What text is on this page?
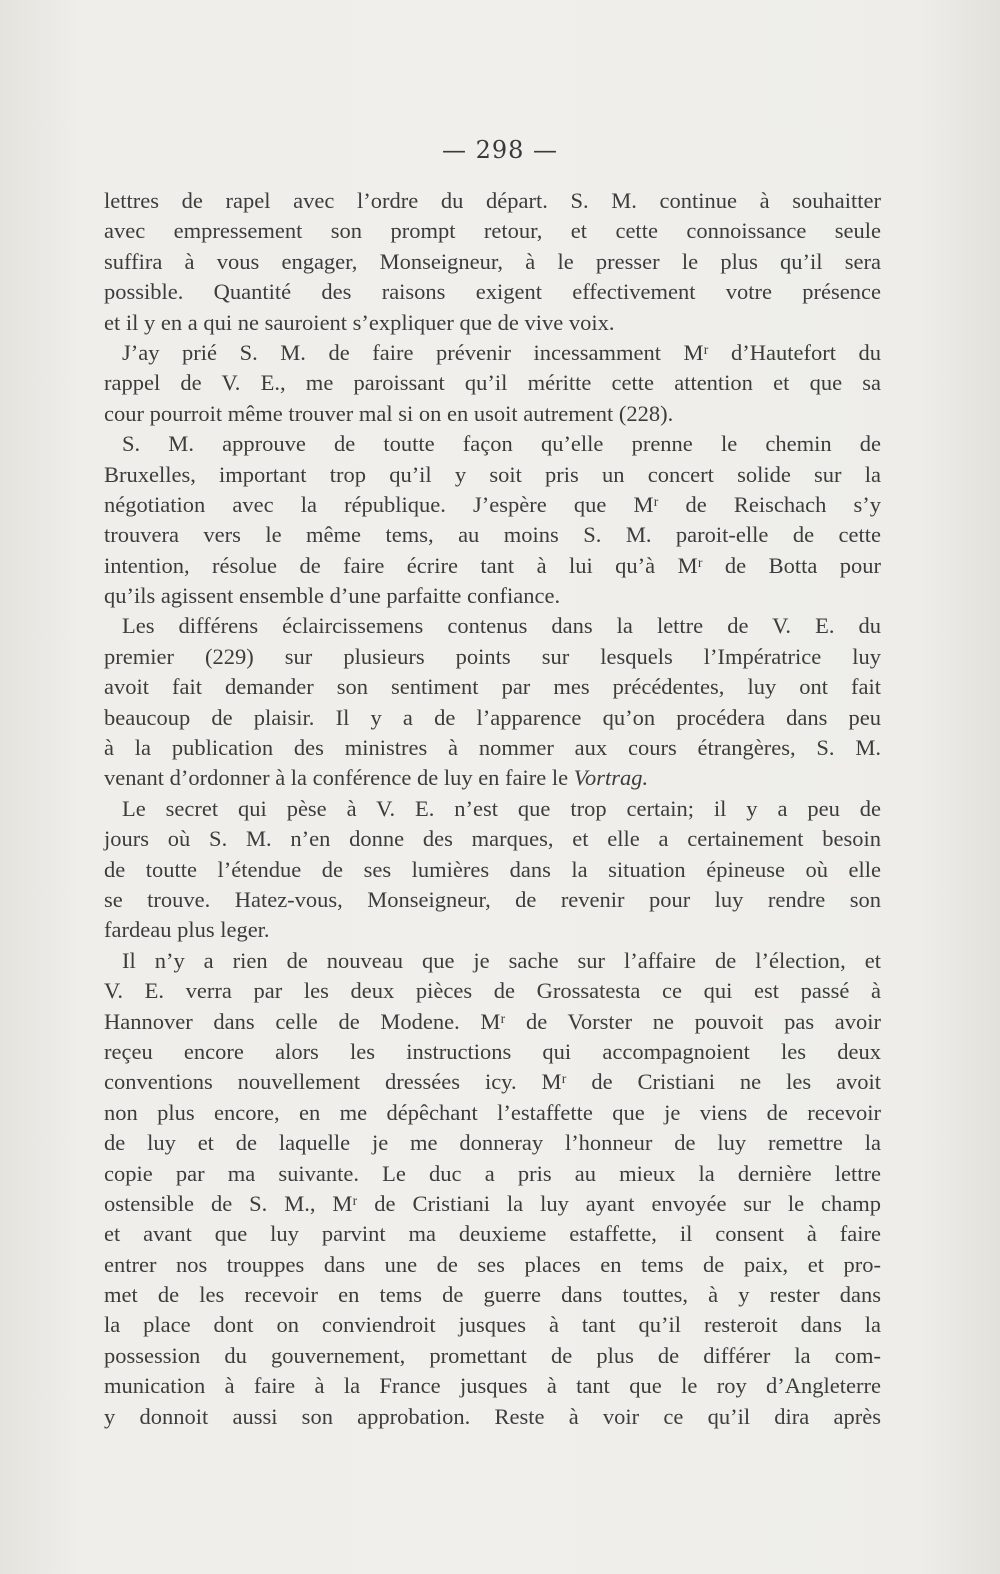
— 298 —
lettres de rapel avec l’ordre du départ. S. M. continue à souhaitter
avec empressement son prompt retour, et cette connoissance seule
suffira à vous engager, Monseigneur, à le presser le plus qu’il sera
possible. Quantité des raisons exigent effectivement votre présence
et il y en a qui ne sauroient s’expliquer que de vive voix.
J’ay prié S. M. de faire prévenir incessamment Mʳ d’Hautefort du
rappel de V. E., me paroissant qu’il méritte cette attention et que sa
cour pourroit même trouver mal si on en usoit autrement (228).
S. M. approuve de toutte façon qu’elle prenne le chemin de
Bruxelles, important trop qu’il y soit pris un concert solide sur la
négotiation avec la république. J’espère que Mʳ de Reischach s’y
trouvera vers le même tems, au moins S. M. paroit-elle de cette
intention, résolue de faire écrire tant à lui qu’à Mʳ de Botta pour
qu’ils agissent ensemble d’une parfaitte confiance.
Les différens éclaircissemens contenus dans la lettre de V. E. du
premier (229) sur plusieurs points sur lesquels l’Impératrice luy
avoit fait demander son sentiment par mes précédentes, luy ont fait
beaucoup de plaisir. Il y a de l’apparence qu’on procédera dans peu
à la publication des ministres à nommer aux cours étrangères, S. M.
venant d’ordonner à la conférence de luy en faire le Vortrag.
Le secret qui pèse à V. E. n’est que trop certain; il y a peu de
jours où S. M. n’en donne des marques, et elle a certainement besoin
de toutte l’étendue de ses lumières dans la situation épineuse où elle
se trouve. Hatez-vous, Monseigneur, de revenir pour luy rendre son
fardeau plus leger.
Il n’y a rien de nouveau que je sache sur l’affaire de l’élection, et
V. E. verra par les deux pièces de Grossatesta ce qui est passé à
Hannover dans celle de Modene. Mʳ de Vorster ne pouvoit pas avoir
reçeu encore alors les instructions qui accompagnoient les deux
conventions nouvellement dressées icy. Mʳ de Cristiani ne les avoit
non plus encore, en me dépêchant l’estaffette que je viens de recevoir
de luy et de laquelle je me donneray l’honneur de luy remettre la
copie par ma suivante. Le duc a pris au mieux la dernière lettre
ostensible de S. M., Mʳ de Cristiani la luy ayant envoyée sur le champ
et avant que luy parvint ma deuxieme estaffette, il consent à faire
entrer nos trouppes dans une de ses places en tems de paix, et pro-
met de les recevoir en tems de guerre dans touttes, à y rester dans
la place dont on conviendroit jusques à tant qu’il resteroit dans la
possession du gouvernement, promettant de plus de différer la com-
munication à faire à la France jusques à tant que le roy d’Angleterre
y donnoit aussi son approbation. Reste à voir ce qu’il dira après
